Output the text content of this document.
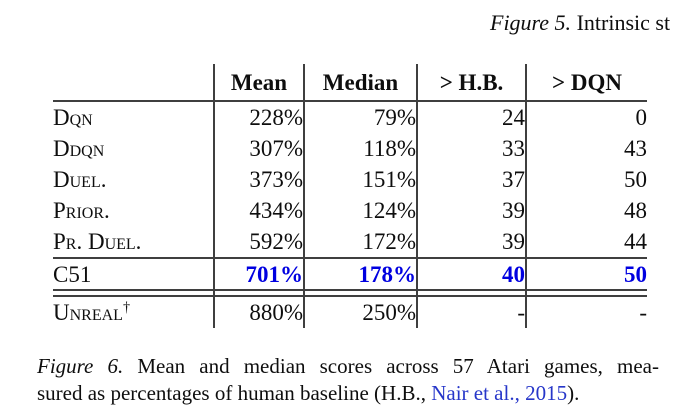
Figure 5. Intrinsic st
	Mean	Median	> H.B.	> DQN
Dqn	228%	79%	24	0
Ddqn	307%	118%	33	43
Duel.	373%	151%	37	50
Prior.	434%	124%	39	48
Pr. Duel.	592%	172%	39	44
C51	701%	178%	40	50

Unreal†	880%	250%	-	-
Figure 6. Mean and median scores across 57 Atari games, mea-
sured as percentages of human baseline (H.B., Nair et al., 2015).
